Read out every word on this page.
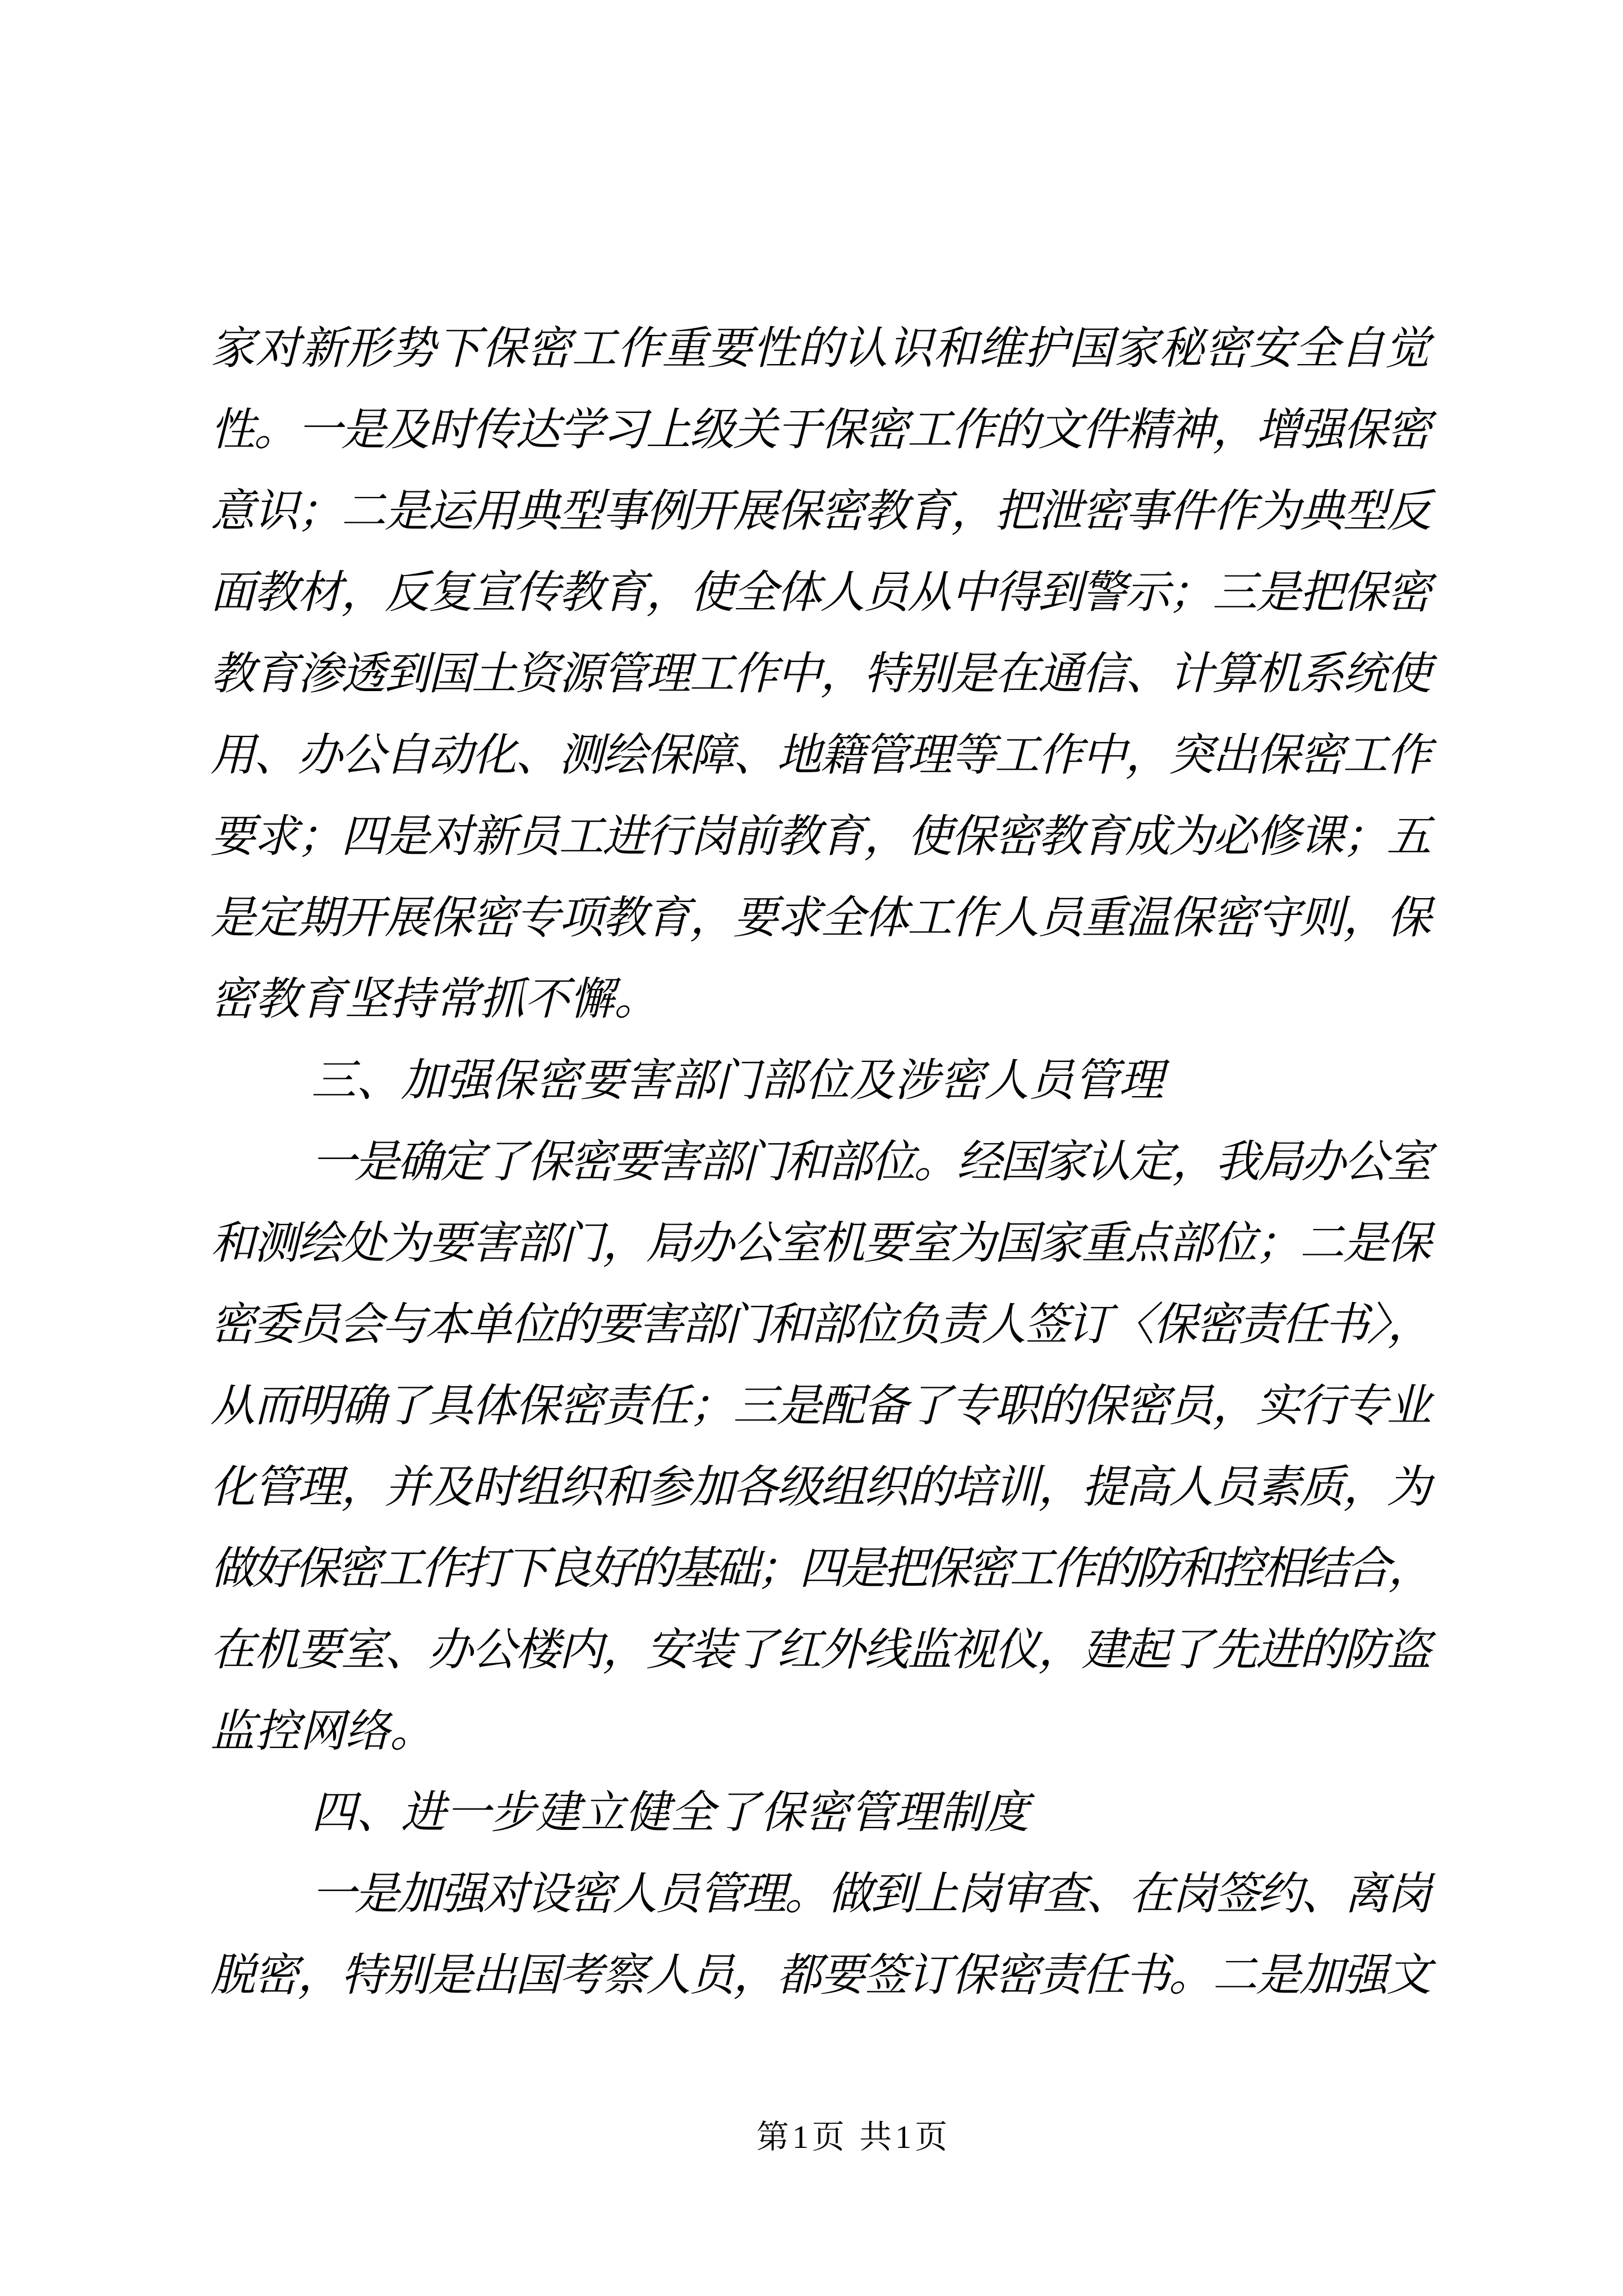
家对新形势下保密工作重要性的认识和维护国家秘密安全自觉
性。一是及时传达学习上级关于保密工作的文件精神，增强保密
意识；二是运用典型事例开展保密教育，把泄密事件作为典型反
面教材，反复宣传教育，使全体人员从中得到警示；三是把保密
教育渗透到国土资源管理工作中，特别是在通信、计算机系统使
用、办公自动化、测绘保障、地籍管理等工作中，突出保密工作
要求；四是对新员工进行岗前教育，使保密教育成为必修课；五
是定期开展保密专项教育，要求全体工作人员重温保密守则，保
密教育坚持常抓不懈。
三、加强保密要害部门部位及涉密人员管理
一是确定了保密要害部门和部位。经国家认定，我局办公室
和测绘处为要害部门，局办公室机要室为国家重点部位；二是保
密委员会与本单位的要害部门和部位负责人签订〈保密责任书〉，
从而明确了具体保密责任；三是配备了专职的保密员，实行专业
化管理，并及时组织和参加各级组织的培训，提高人员素质，为
做好保密工作打下良好的基础；四是把保密工作的防和控相结合，
在机要室、办公楼内，安装了红外线监视仪，建起了先进的防盗
监控网络。
四、进一步建立健全了保密管理制度
一是加强对设密人员管理。做到上岗审查、在岗签约、离岗
脱密，特别是出国考察人员，都要签订保密责任书。二是加强文
第1页 共1页
